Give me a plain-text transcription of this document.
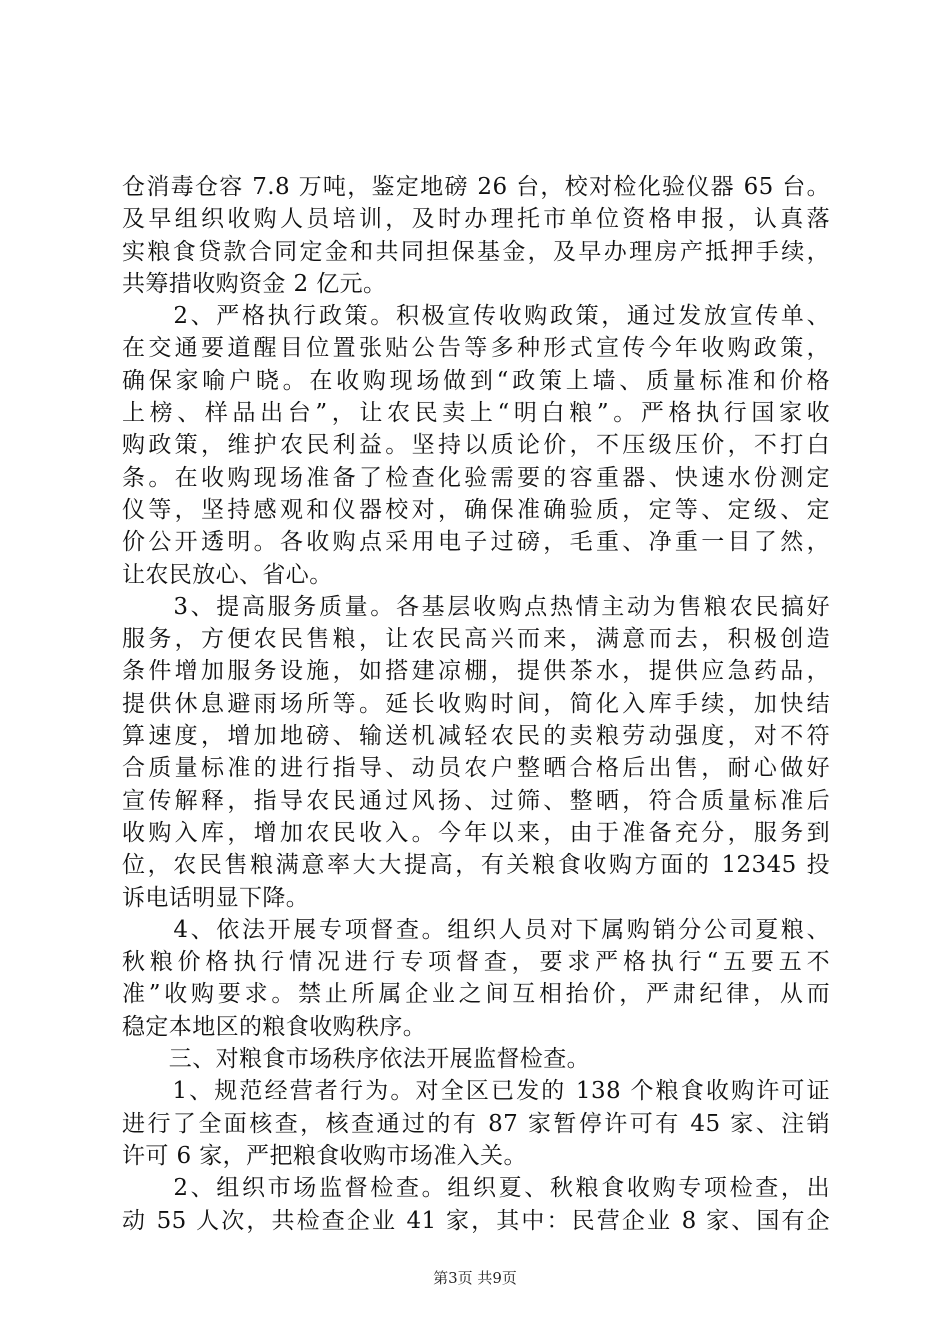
仓消毒仓容 7.8 万吨，鉴定地磅 26 台，校对检化验仪器 65 台。
及早组织收购人员培训，及时办理托市单位资格申报，认真落
实粮食贷款合同定金和共同担保基金，及早办理房产抵押手续，
共筹措收购资金 2 亿元。
　　2、严格执行政策。积极宣传收购政策，通过发放宣传单、
在交通要道醒目位置张贴公告等多种形式宣传今年收购政策，
确保家喻户晓。在收购现场做到“政策上墙、质量标准和价格
上榜、样品出台”，让农民卖上“明白粮”。严格执行国家收
购政策，维护农民利益。坚持以质论价，不压级压价，不打白
条。在收购现场准备了检查化验需要的容重器、快速水份测定
仪等，坚持感观和仪器校对，确保准确验质，定等、定级、定
价公开透明。各收购点采用电子过磅，毛重、净重一目了然，
让农民放心、省心。
　　3、提高服务质量。各基层收购点热情主动为售粮农民搞好
服务，方便农民售粮，让农民高兴而来，满意而去，积极创造
条件增加服务设施，如搭建凉棚，提供茶水，提供应急药品，
提供休息避雨场所等。延长收购时间，简化入库手续，加快结
算速度，增加地磅、输送机减轻农民的卖粮劳动强度，对不符
合质量标准的进行指导、动员农户整晒合格后出售，耐心做好
宣传解释，指导农民通过风扬、过筛、整晒，符合质量标准后
收购入库，增加农民收入。今年以来，由于准备充分，服务到
位，农民售粮满意率大大提高，有关粮食收购方面的 12345 投
诉电话明显下降。
　　4、依法开展专项督查。组织人员对下属购销分公司夏粮、
秋粮价格执行情况进行专项督查，要求严格执行“五要五不
准”收购要求。禁止所属企业之间互相抬价，严肃纪律，从而
稳定本地区的粮食收购秩序。
　　三、对粮食市场秩序依法开展监督检查。
　　1、规范经营者行为。对全区已发的 138 个粮食收购许可证
进行了全面核查，核查通过的有 87 家暂停许可有 45 家、注销
许可 6 家，严把粮食收购市场准入关。
　　2、组织市场监督检查。组织夏、秋粮食收购专项检查，出
动 55 人次，共检查企业 41 家，其中：民营企业 8 家、国有企
第3页 共9页
